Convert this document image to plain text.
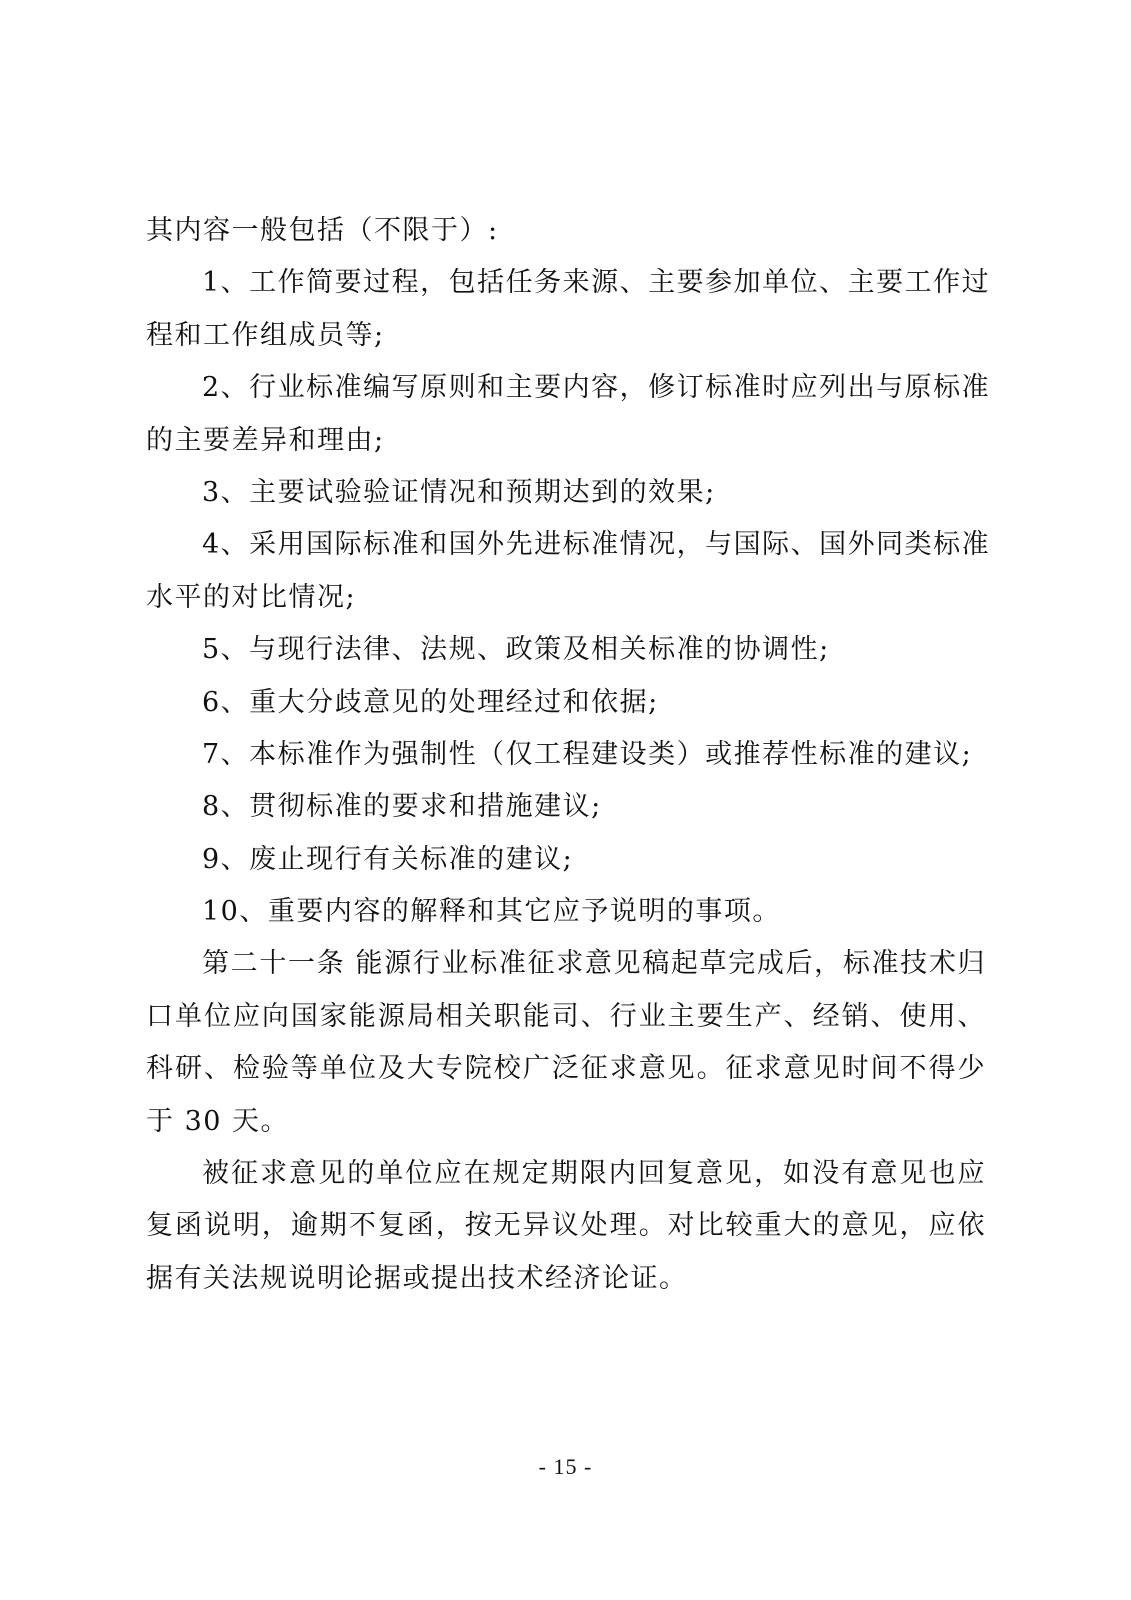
其内容一般包括（不限于）:
1、工作简要过程，包括任务来源、主要参加单位、主要工作过
程和工作组成员等;
2、行业标准编写原则和主要内容，修订标准时应列出与原标准
的主要差异和理由;
3、主要试验验证情况和预期达到的效果;
4、采用国际标准和国外先进标准情况，与国际、国外同类标准
水平的对比情况;
5、与现行法律、法规、政策及相关标准的协调性;
6、重大分歧意见的处理经过和依据;
7、本标准作为强制性（仅工程建设类）或推荐性标准的建议;
8、贯彻标准的要求和措施建议;
9、废止现行有关标准的建议;
10、重要内容的解释和其它应予说明的事项。
第二十一条 能源行业标准征求意见稿起草完成后，标准技术归
口单位应向国家能源局相关职能司、行业主要生产、经销、使用、
科研、检验等单位及大专院校广泛征求意见。征求意见时间不得少
于 30 天。
被征求意见的单位应在规定期限内回复意见，如没有意见也应
复函说明，逾期不复函，按无异议处理。对比较重大的意见，应依
据有关法规说明论据或提出技术经济论证。
- 15 -
